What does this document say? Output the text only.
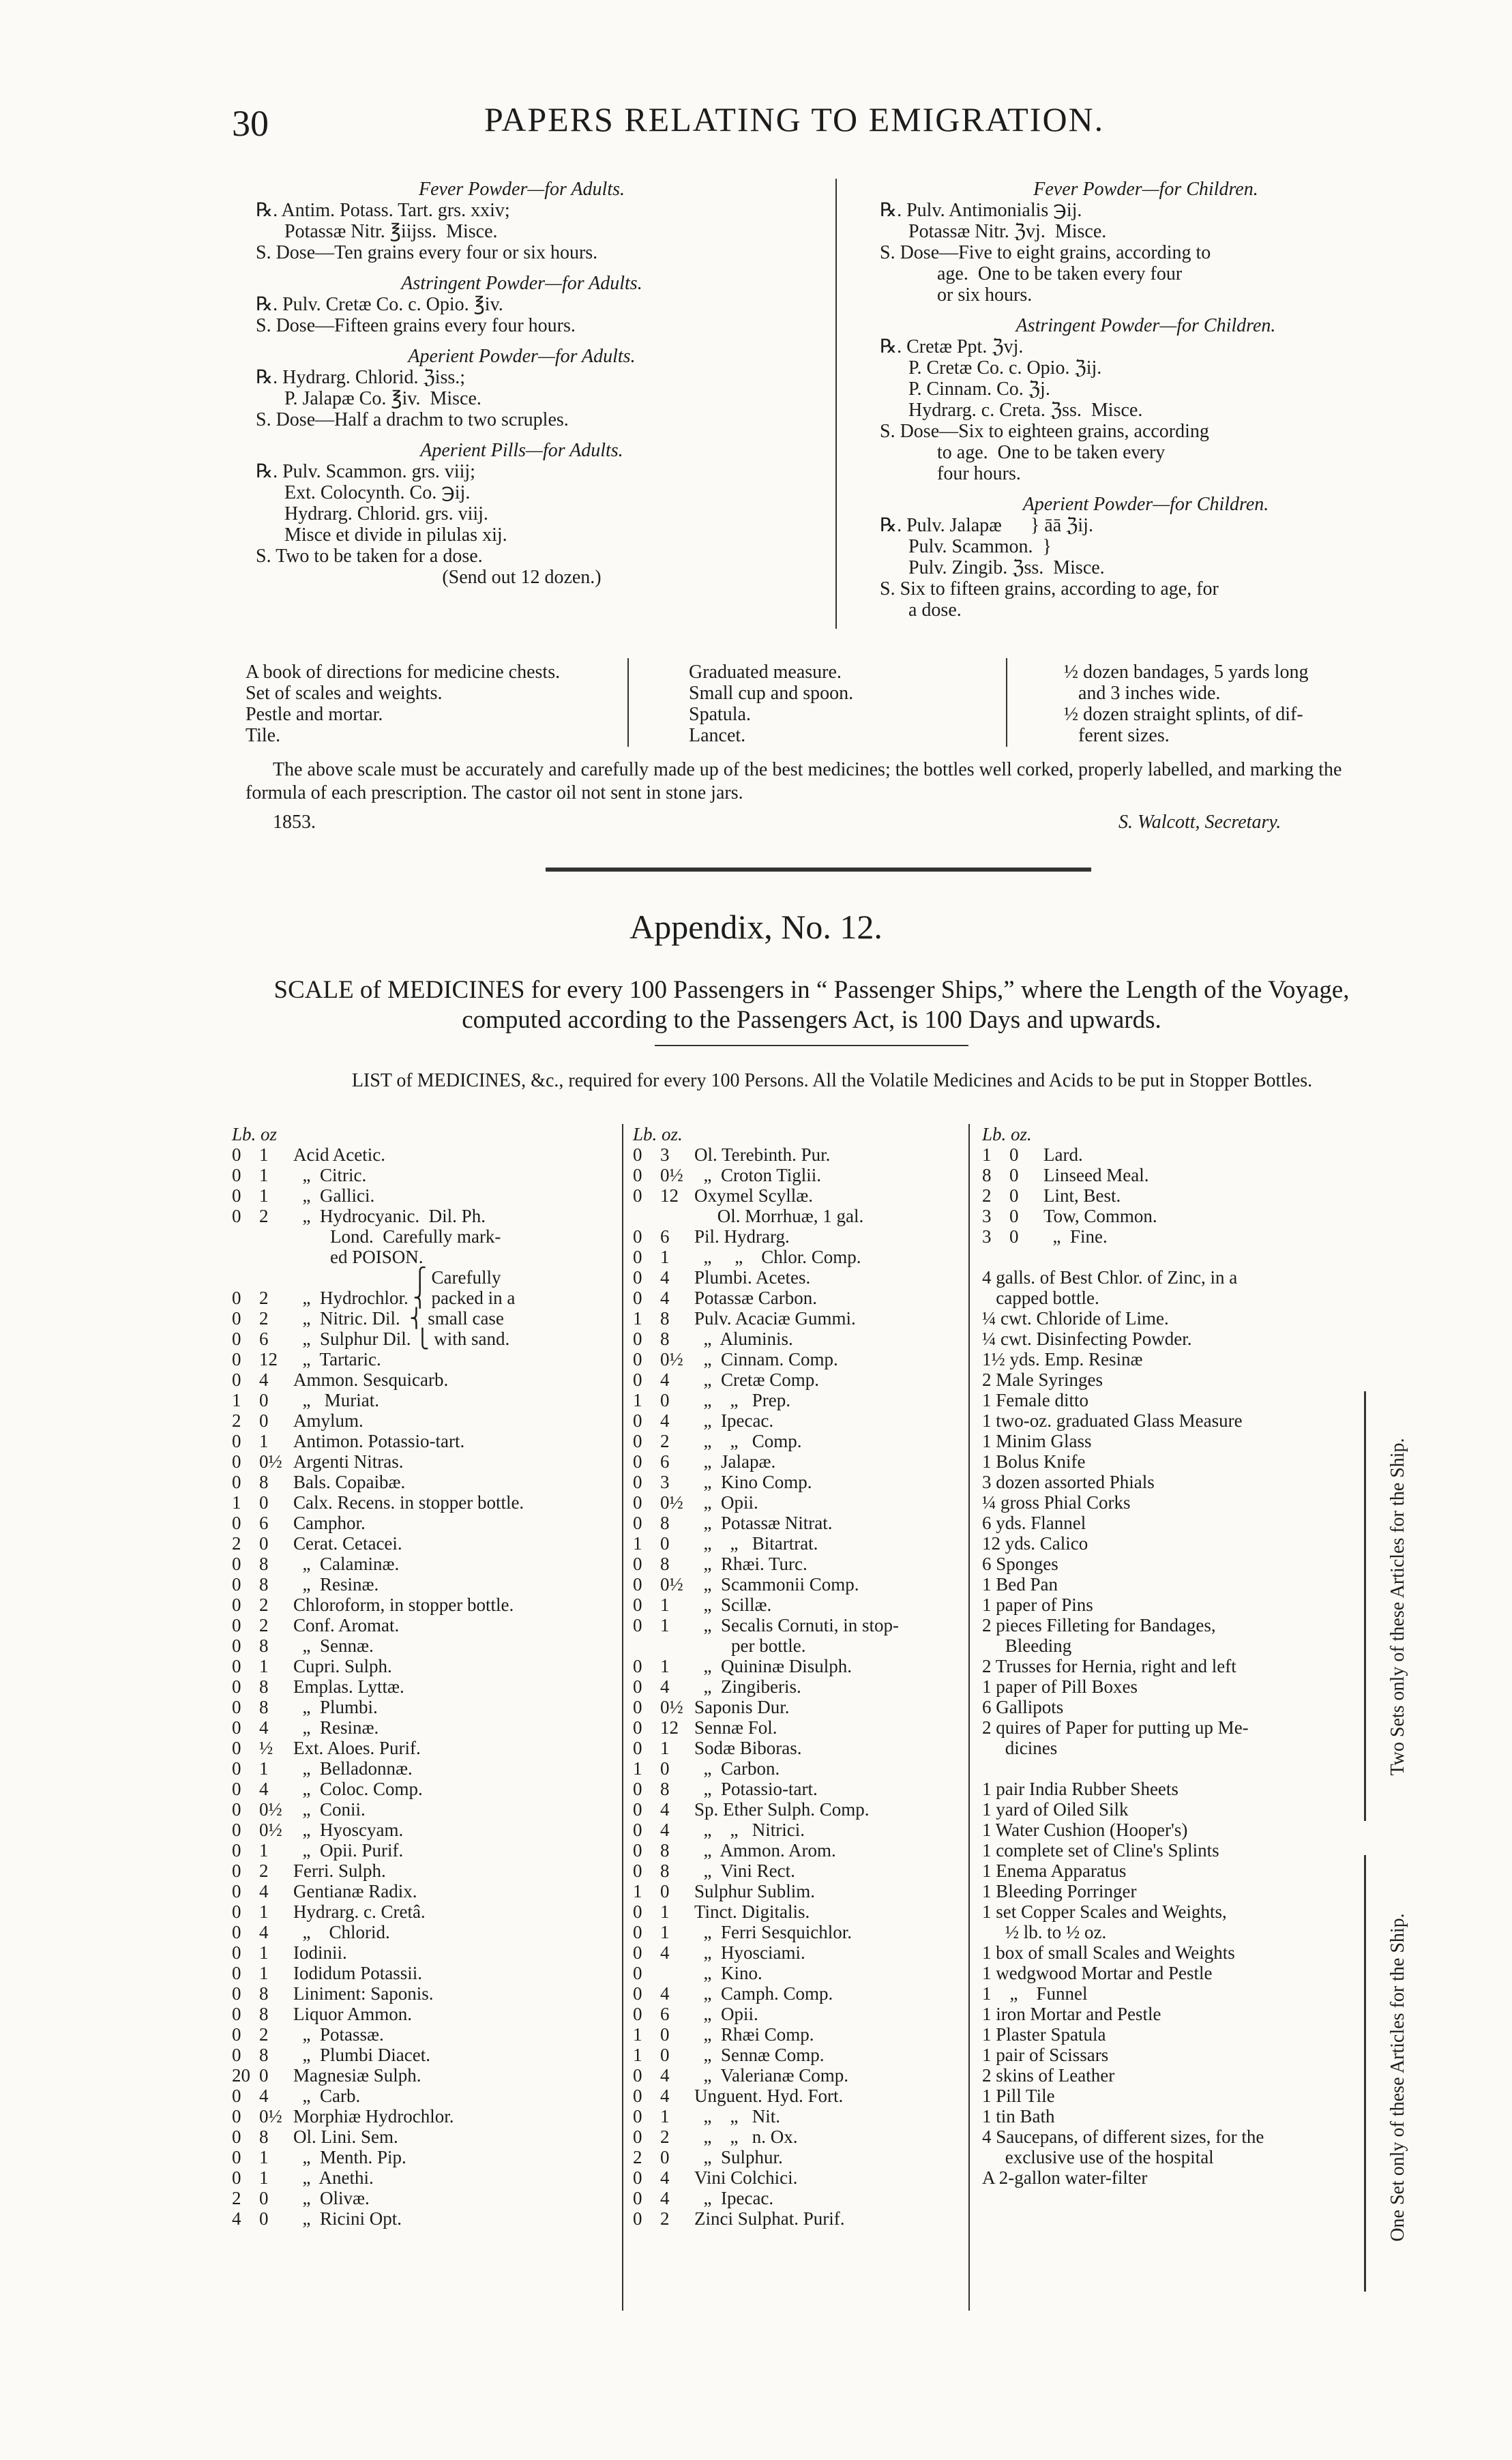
30	PAPERS RELATING TO EMIGRATION.
Fever Powder—for Adults.
℞. Antim. Potass. Tart. grs. xxiv;
Potassæ Nitr. ℥iijss.  Misce.
S. Dose—Ten grains every four or six hours.
Astringent Powder—for Adults.
℞. Pulv. Cretæ Co. c. Opio. ℥iv.
S. Dose—Fifteen grains every four hours.
Aperient Powder—for Adults.
℞. Hydrarg. Chlorid. ℨiss.;
P. Jalapæ Co. ℥iv.  Misce.
S. Dose—Half a drachm to two scruples.
Aperient Pills—for Adults.
℞. Pulv. Scammon. grs. viij;
Ext. Colocynth. Co. ℈ij.
Hydrarg. Chlorid. grs. viij.
Misce et divide in pilulas xij.
S. Two to be taken for a dose.
(Send out 12 dozen.)
Fever Powder—for Children.
℞. Pulv. Antimonialis ℈ij.
Potassæ Nitr. ℨvj.  Misce.
S. Dose—Five to eight grains, according to
age.  One to be taken every four
or six hours.
Astringent Powder—for Children.
℞. Cretæ Ppt. ℨvj.
P. Cretæ Co. c. Opio. ℨij.
P. Cinnam. Co. ℨj.
Hydrarg. c. Creta. ℨss.  Misce.
S. Dose—Six to eighteen grains, according
to age.  One to be taken every
four hours.
Aperient Powder—for Children.
℞. Pulv. Jalapæ      } āā ℨij.
Pulv. Scammon.  }
Pulv. Zingib. ℨss.  Misce.
S. Six to fifteen grains, according to age, for
a dose.
A book of directions for medicine chests.
Set of scales and weights.
Pestle and mortar.
Tile.
Graduated measure.
Small cup and spoon.
Spatula.
Lancet.
½ dozen bandages, 5 yards long
and 3 inches wide.
½ dozen straight splints, of dif-
ferent sizes.
The above scale must be accurately and carefully made up of the best medicines; the bottles well corked, properly labelled, and marking the formula of each prescription. The castor oil not sent in stone jars.
1853.	S. Walcott, Secretary.
Appendix, No. 12.
SCALE of MEDICINES for every 100 Passengers in “ Passenger Ships,” where the Length of the Voyage, computed according to the Passengers Act, is 100 Days and upwards.
LIST of MEDICINES, &c., required for every 100 Persons. All the Volatile Medicines and Acids to be put in Stopper Bottles.
Lb. oz
0 1	Acid Acetic.
0 1	„  Citric.
0 1	„  Gallici.
0 2	„  Hydrocyanic.  Dil. Ph.
Lond.  Carefully mark-
ed POISON.
⎧ Carefully
0 2	„  Hydrochlor. ⎨ packed in a
0 2	„  Nitric. Dil.  ⎨ small case
0 6	„  Sulphur Dil. ⎩ with sand.
0 12 „  Tartaric.
0 4	Ammon. Sesquicarb.
1 0	„   Muriat.
2 0	Amylum.
0 1	Antimon. Potassio-tart.
0 0½ Argenti Nitras.
0 8	Bals. Copaibæ.
1 0	Calx. Recens. in stopper bottle.
0 6	Camphor.
2 0	Cerat. Cetacei.
0 8	„  Calaminæ.
0 8	„  Resinæ.
0 2	Chloroform, in stopper bottle.
0 2	Conf. Aromat.
0 8	„  Sennæ.
0 1	Cupri. Sulph.
0 8	Emplas. Lyttæ.
0 8	„  Plumbi.
0 4	„  Resinæ.
0 ½	Ext. Aloes. Purif.
0 1	„  Belladonnæ.
0 4	„  Coloc. Comp.
0 0½ „  Conii.
0 0½ „  Hyoscyam.
0 1	„  Opii. Purif.
0 2	Ferri. Sulph.
0 4	Gentianæ Radix.
0 1	Hydrarg. c. Cretâ.
0 4	„    Chlorid.
0 1	Iodinii.
0 1	Iodidum Potassii.
0 8	Liniment: Saponis.
0 8	Liquor Ammon.
0 2	„  Potassæ.
0 8	„  Plumbi Diacet.
20 0	Magnesiæ Sulph.
0 4	„  Carb.
0 0½ Morphiæ Hydrochlor.
0 8	Ol. Lini. Sem.
0 1	„  Menth. Pip.
0 1	„  Anethi.
2 0	„  Olivæ.
4 0	„  Ricini Opt.
Lb. oz.
0 3	Ol. Terebinth. Pur.
0 0½ „  Croton Tiglii.
0 12 Oxymel Scyllæ.
Ol. Morrhuæ, 1 gal.
0 6	Pil. Hydrarg.
0 1	„     „    Chlor. Comp.
0 4	Plumbi. Acetes.
0 4	Potassæ Carbon.
1 8	Pulv. Acaciæ Gummi.
0 8	„  Aluminis.
0 0½ „  Cinnam. Comp.
0 4	„  Cretæ Comp.
1 0	„    „   Prep.
0 4	„  Ipecac.
0 2	„    „   Comp.
0 6	„  Jalapæ.
0 3	„  Kino Comp.
0 0½ „  Opii.
0 8	„  Potassæ Nitrat.
1 0	„    „   Bitartrat.
0 8	„  Rhæi. Turc.
0 0½ „  Scammonii Comp.
0 1	„  Scillæ.
0 1	„  Secalis Cornuti, in stop-
per bottle.
0 1	„  Quininæ Disulph.
0 4	„  Zingiberis.
0 0½ Saponis Dur.
0 12 Sennæ Fol.
0 1	Sodæ Biboras.
1 0	„  Carbon.
0 8	„  Potassio-tart.
0 4	Sp. Ether Sulph. Comp.
0 4	„    „   Nitrici.
0 8	„  Ammon. Arom.
0 8	„  Vini Rect.
1 0	Sulphur Sublim.
0 1	Tinct. Digitalis.
0 1	„  Ferri Sesquichlor.
0 4	„  Hyosciami.
0	„  Kino.
0 4	„  Camph. Comp.
0 6	„  Opii.
1 0	„  Rhæi Comp.
1 0	„  Sennæ Comp.
0 4	„  Valerianæ Comp.
0 4	Unguent. Hyd. Fort.
0 1	„    „   Nit.
0 2	„    „   n. Ox.
2 0	„  Sulphur.
0 4	Vini Colchici.
0 4	„  Ipecac.
0 2	Zinci Sulphat. Purif.
Lb. oz.
1 0	Lard.
8 0	Linseed Meal.
2 0	Lint, Best.
3 0	Tow, Common.
3 0	„  Fine.
4 galls. of Best Chlor. of Zinc, in a
capped bottle.
¼ cwt. Chloride of Lime.
¼ cwt. Disinfecting Powder.
1½ yds. Emp. Resinæ
2 Male Syringes
1 Female ditto
1 two-oz. graduated Glass Measure
1 Minim Glass
1 Bolus Knife
3 dozen assorted Phials
¼ gross Phial Corks
6 yds. Flannel
12 yds. Calico
6 Sponges
1 Bed Pan
1 paper of Pins
2 pieces Filleting for Bandages,
Bleeding
2 Trusses for Hernia, right and left
1 paper of Pill Boxes
6 Gallipots
2 quires of Paper for putting up Me-
dicines
1 pair India Rubber Sheets
1 yard of Oiled Silk
1 Water Cushion (Hooper's)
1 complete set of Cline's Splints
1 Enema Apparatus
1 Bleeding Porringer
1 set Copper Scales and Weights,
½ lb. to ½ oz.
1 box of small Scales and Weights
1 wedgwood Mortar and Pestle
1    „    Funnel
1 iron Mortar and Pestle
1 Plaster Spatula
1 pair of Scissars
2 skins of Leather
1 Pill Tile
1 tin Bath
4 Saucepans, of different sizes, for the
exclusive use of the hospital
A 2-gallon water-filter
Two Sets only of these Articles for the Ship.
One Set only of these Articles for the Ship.
